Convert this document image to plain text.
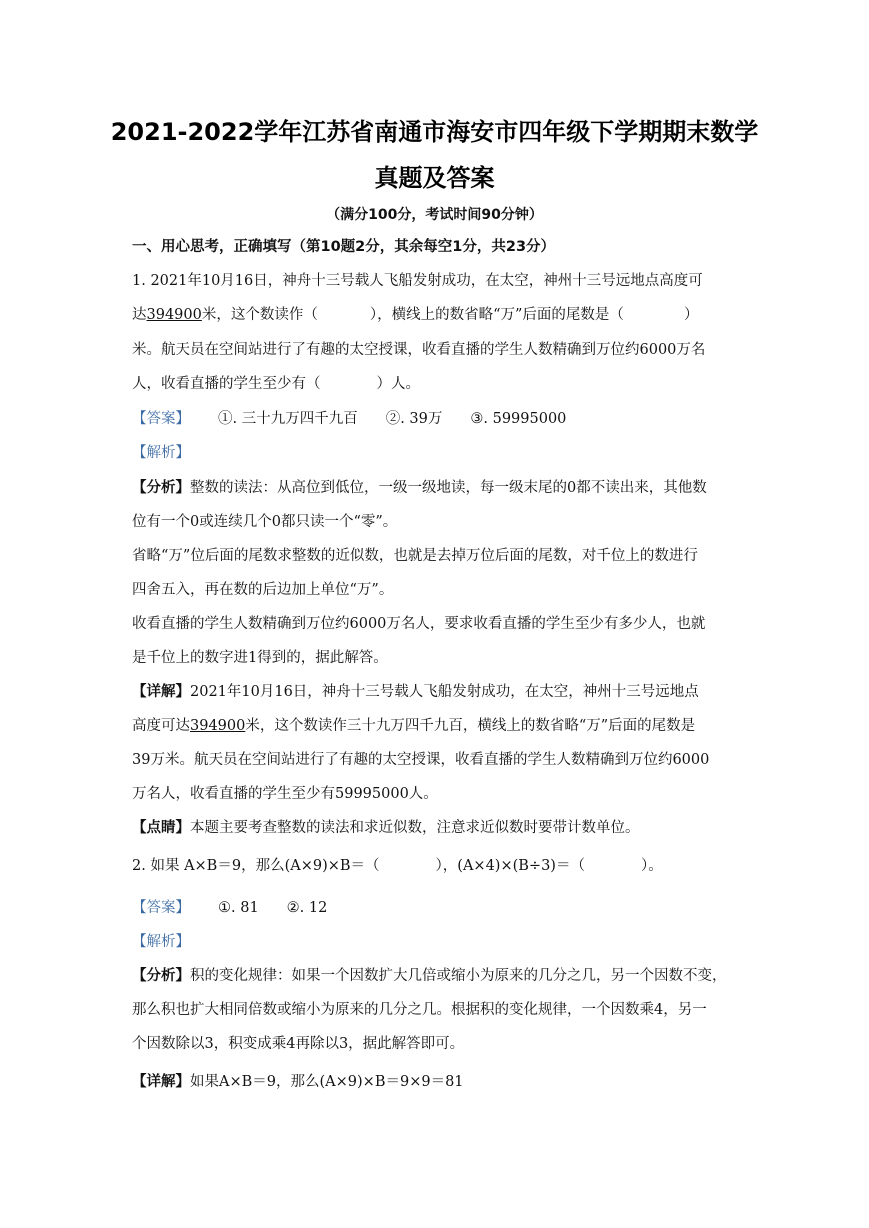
2021-2022学年江苏省南通市海安市四年级下学期期末数学
真题及答案
（满分100分，考试时间90分钟）
一、用心思考，正确填写（第10题2分，其余每空1分，共23分）
1. 2021年10月16日，神舟十三号载人飞船发射成功，在太空，神州十三号远地点高度可
达394900米，这个数读作（	），横线上的数省略“万”后面的尾数是（	）
米。航天员在空间站进行了有趣的太空授课，收看直播的学生人数精确到万位约6000万名
人，收看直播的学生至少有（	）人。
【答案】 ①. 三十九万四千九百 ②. 39万 ③. 59995000
【解析】
【分析】整数的读法：从高位到低位，一级一级地读，每一级末尾的0都不读出来，其他数
位有一个0或连续几个0都只读一个“零”。
省略“万”位后面的尾数求整数的近似数，也就是去掉万位后面的尾数，对千位上的数进行
四舍五入，再在数的后边加上单位“万”。
收看直播的学生人数精确到万位约6000万名人，要求收看直播的学生至少有多少人，也就
是千位上的数字进1得到的，据此解答。
【详解】2021年10月16日，神舟十三号载人飞船发射成功，在太空，神州十三号远地点
高度可达394900米，这个数读作三十九万四千九百，横线上的数省略“万”后面的尾数是
39万米。航天员在空间站进行了有趣的太空授课，收看直播的学生人数精确到万位约6000
万名人，收看直播的学生至少有59995000人。
【点睛】本题主要考查整数的读法和求近似数，注意求近似数时要带计数单位。
2. 如果 A×B＝9，那么(A×9)×B＝（	），(A×4)×(B÷3)＝（	）。
【答案】 ①. 81 ②. 12
【解析】
【分析】积的变化规律：如果一个因数扩大几倍或缩小为原来的几分之几，另一个因数不变，
那么积也扩大相同倍数或缩小为原来的几分之几。根据积的变化规律，一个因数乘4，另一
个因数除以3，积变成乘4再除以3，据此解答即可。
【详解】如果A×B＝9，那么(A×9)×B＝9×9＝81
